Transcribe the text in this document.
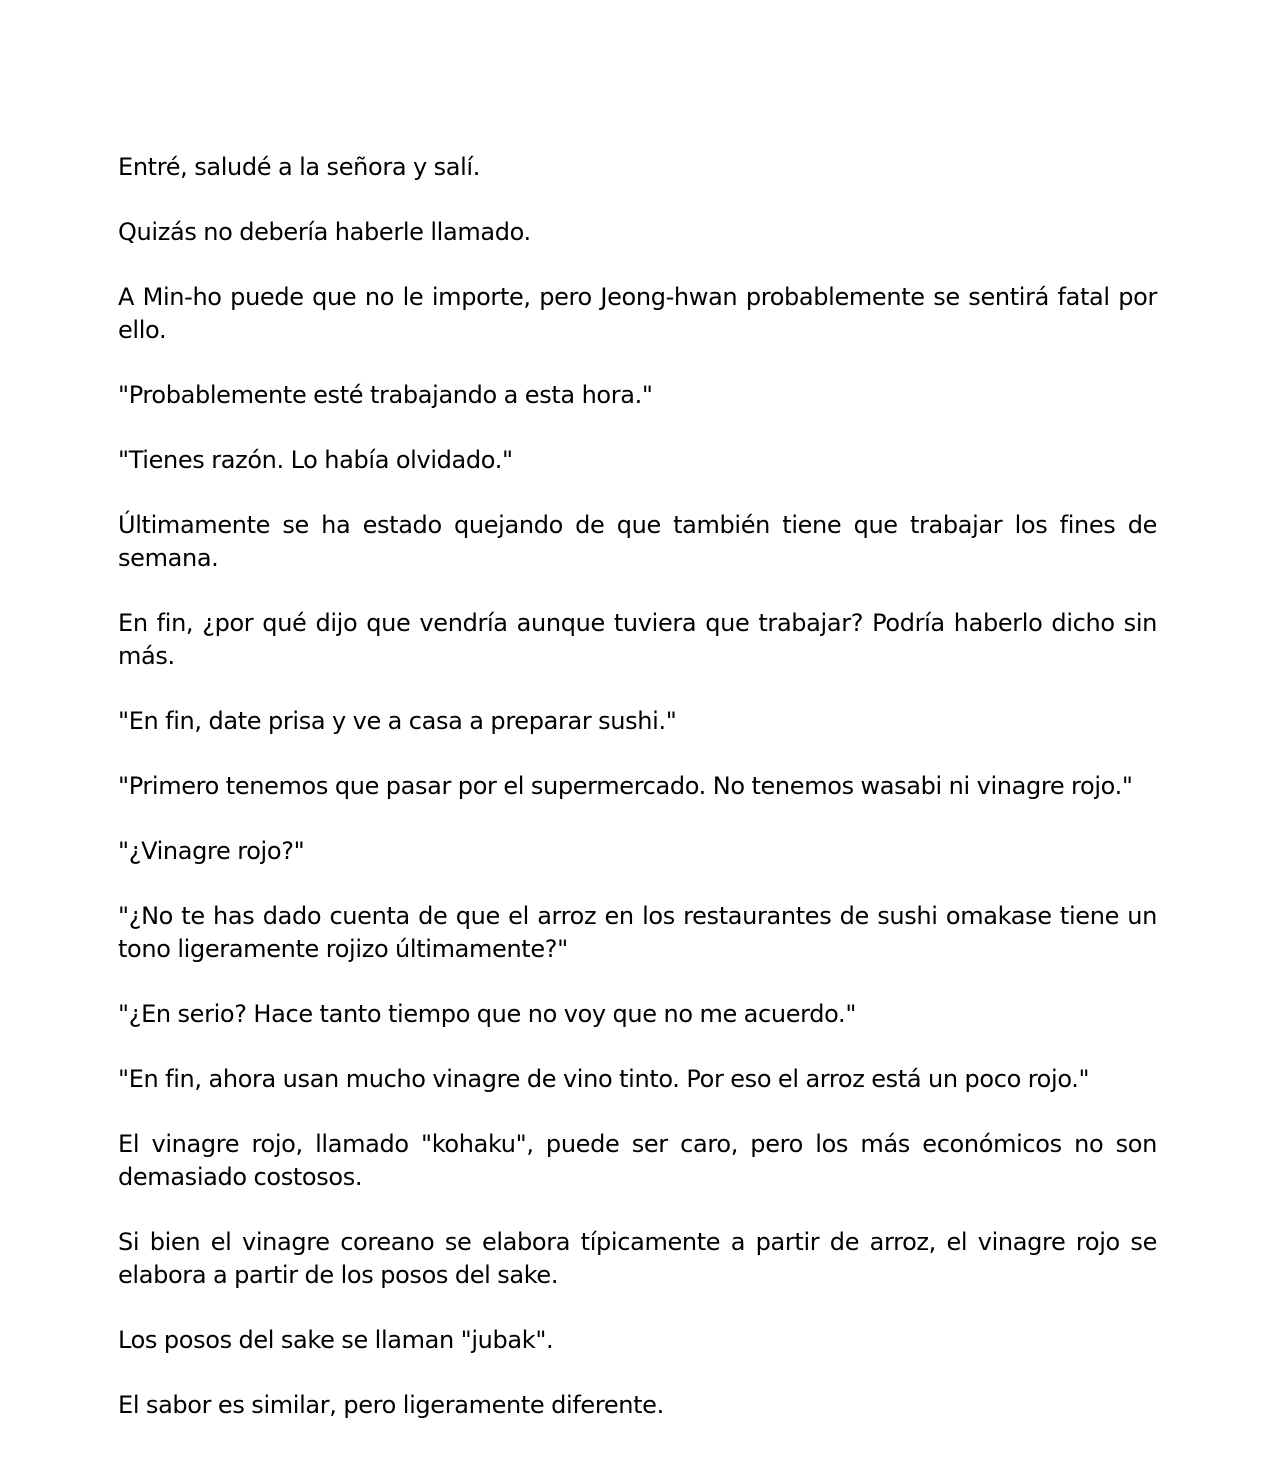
Entré, saludé a la señora y salí.

Quizás no debería haberle llamado.

A Min-ho puede que no le importe, pero Jeong-hwan probablemente se sentirá fatal por ello.

"Probablemente esté trabajando a esta hora."

"Tienes razón. Lo había olvidado."

Últimamente se ha estado quejando de que también tiene que trabajar los fines de semana.

En fin, ¿por qué dijo que vendría aunque tuviera que trabajar? Podría haberlo dicho sin más.

"En fin, date prisa y ve a casa a preparar sushi."

"Primero tenemos que pasar por el supermercado. No tenemos wasabi ni vinagre rojo."

"¿Vinagre rojo?"

"¿No te has dado cuenta de que el arroz en los restaurantes de sushi omakase tiene un tono ligeramente rojizo últimamente?"

"¿En serio? Hace tanto tiempo que no voy que no me acuerdo."

"En fin, ahora usan mucho vinagre de vino tinto. Por eso el arroz está un poco rojo."

El vinagre rojo, llamado "kohaku", puede ser caro, pero los más económicos no son demasiado costosos.

Si bien el vinagre coreano se elabora típicamente a partir de arroz, el vinagre rojo se elabora a partir de los posos del sake.

Los posos del sake se llaman "jubak".

El sabor es similar, pero ligeramente diferente.
